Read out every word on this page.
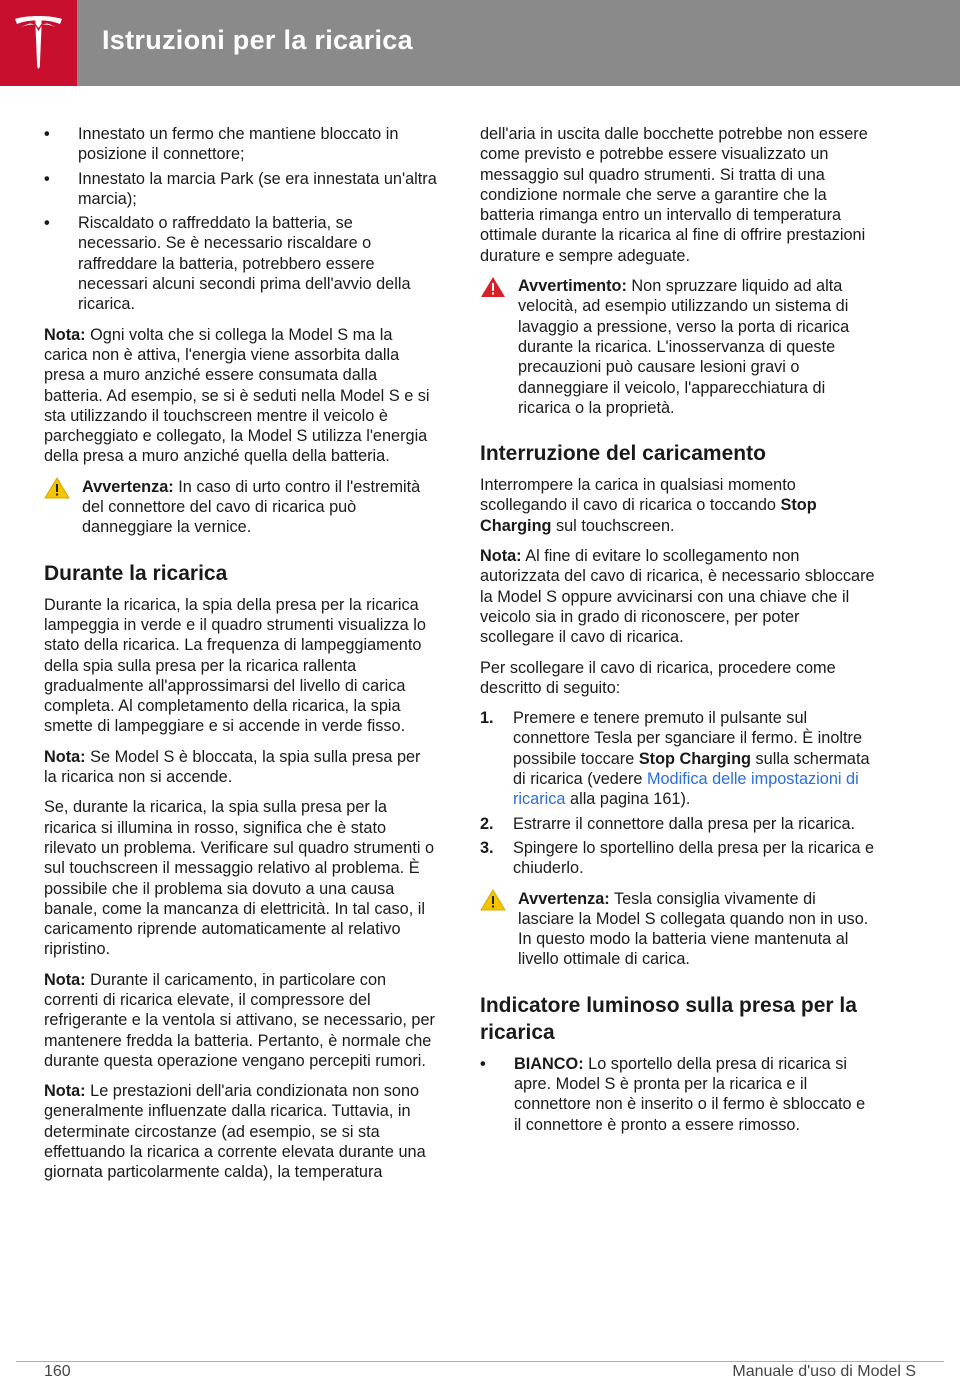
Istruzioni per la ricarica
•	Innestato un fermo che mantiene bloccato in posizione il connettore;
•	Innestato la marcia Park (se era innestata un'altra marcia);
•	Riscaldato o raffreddato la batteria, se necessario. Se è necessario riscaldare o raffreddare la batteria, potrebbero essere necessari alcuni secondi prima dell'avvio della ricarica.

Nota: Ogni volta che si collega la Model S ma la carica non è attiva, l'energia viene assorbita dalla presa a muro anziché essere consumata dalla batteria. Ad esempio, se si è seduti nella Model S e si sta utilizzando il touchscreen mentre il veicolo è parcheggiato e collegato, la Model S utilizza l'energia della presa a muro anziché quella della batteria.

Avvertenza: In caso di urto contro il l'estremità del connettore del cavo di ricarica può danneggiare la vernice.
Durante la ricarica

Durante la ricarica, la spia della presa per la ricarica lampeggia in verde e il quadro strumenti visualizza lo stato della ricarica. La frequenza di lampeggiamento della spia sulla presa per la ricarica rallenta gradualmente all'approssimarsi del livello di carica completa. Al completamento della ricarica, la spia smette di lampeggiare e si accende in verde fisso.

Nota: Se Model S è bloccata, la spia sulla presa per la ricarica non si accende.

Se, durante la ricarica, la spia sulla presa per la ricarica si illumina in rosso, significa che è stato rilevato un problema. Verificare sul quadro strumenti o sul touchscreen il messaggio relativo al problema. È possibile che il problema sia dovuto a una causa banale, come la mancanza di elettricità. In tal caso, il caricamento riprende automaticamente al relativo ripristino.

Nota: Durante il caricamento, in particolare con correnti di ricarica elevate, il compressore del refrigerante e la ventola si attivano, se necessario, per mantenere fredda la batteria. Pertanto, è normale che durante questa operazione vengano percepiti rumori.

Nota: Le prestazioni dell'aria condizionata non sono generalmente influenzate dalla ricarica. Tuttavia, in determinate circostanze (ad esempio, se si sta effettuando la ricarica a corrente elevata durante una giornata particolarmente calda), la temperatura

dell'aria in uscita dalle bocchette potrebbe non essere come previsto e potrebbe essere visualizzato un messaggio sul quadro strumenti. Si tratta di una condizione normale che serve a garantire che la batteria rimanga entro un intervallo di temperatura ottimale durante la ricarica al fine di offrire prestazioni durature e sempre adeguate.

Avvertimento: Non spruzzare liquido ad alta velocità, ad esempio utilizzando un sistema di lavaggio a pressione, verso la porta di ricarica durante la ricarica. L'inosservanza di queste precauzioni può causare lesioni gravi o danneggiare il veicolo, l'apparecchiatura di ricarica o la proprietà.
Interruzione del caricamento

Interrompere la carica in qualsiasi momento scollegando il cavo di ricarica o toccando Stop Charging sul touchscreen.

Nota: Al fine di evitare lo scollegamento non autorizzata del cavo di ricarica, è necessario sbloccare la Model S oppure avvicinarsi con una chiave che il veicolo sia in grado di riconoscere, per poter scollegare il cavo di ricarica.

Per scollegare il cavo di ricarica, procedere come descritto di seguito:

1. Premere e tenere premuto il pulsante sul connettore Tesla per sganciare il fermo. È inoltre possibile toccare Stop Charging sulla schermata di ricarica (vedere Modifica delle impostazioni di ricarica alla pagina 161).
2. Estrarre il connettore dalla presa per la ricarica.
3. Spingere lo sportellino della presa per la ricarica e chiuderlo.
Avvertenza: Tesla consiglia vivamente di lasciare la Model S collegata quando non in uso. In questo modo la batteria viene mantenuta al livello ottimale di carica.
Indicatore luminoso sulla presa per la ricarica
•	BIANCO: Lo sportello della presa di ricarica si apre. Model S è pronta per la ricarica e il connettore non è inserito o il fermo è sbloccato e il connettore è pronto a essere rimosso.
160	Manuale d'uso di Model S
